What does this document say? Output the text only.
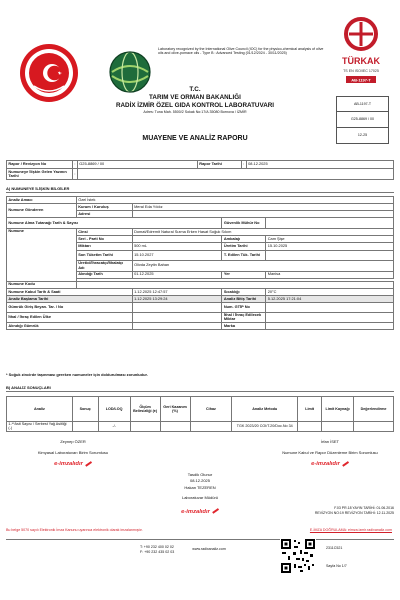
Laboratory recognized by the International Olive Council (IOC) for the physico-chemical analysis of olive oils and olive-pomace oils - Type B : Advanced Testing (01/12/2024 - 30/11/2025)
TÜRKAK
TS EN ISO/IEC 17025
AB-1197-T
AB-1197-T
G25-8869 / 00
12-25
T.C.
TARIM VE ORMAN BAKANLIĞI
RADİX İZMİR ÖZEL GIDA KONTROL LABORATUVARI
Adres: Tuna Mah. 5500/2 Sokak No:17/A 35080 Bornova / İZMİR
MUAYENE VE ANALİZ RAPORU
Rapor / Revizyon No	:	G25-8869 / 00	Rapor Tarihi	:	08.12.2025
Numuneye İlişkin Gelen Yazının Tarihi	:				
A) NUMUNEYE İLİŞKİN BİLGİLER
Analiz Amacı	Özel İstek			
Numune Gönderen	Kurum / Kuruluş	Meral Eda Yıldız		
	Adresi			
Numune Alma Tutanağı Tarih & Sayısı			Güvenlik Mühür No	
Numune	Cinsi	Domat/Edremit Natural Sızma Erken Hasat Soğuk Sıkım		
	Seri - Parti No		Ambalajı	Cam Şişe
	Miktarı	500 mL	Üretim Tarihi	15.10.2025
	Son Tüketim Tarihi	15.10.2027	T. Edilen Tük. Tarihi	
	Üretici/İhracatçı/İthalatçı Adı	Olivda Zeytin Bahan		
	Alındığı Tarih	01.12.2025	Yer	Manisa

Numune Kodu				
Numune Kabul Tarih & Saati		1.12.2025 12:47:57	Sıcaklığı	20°C
Analiz Başlama Tarihi		1.12.2025 13:29:24	Analiz Bitiş Tarihi	5.12.2025 17:21:04
Gümrük Giriş Beyan. Tar. / No			Num. GTİP No	
İthal / İhraç Edilen Ülke			İthal / İhraç Edilecek Miktar	
Alındığı Gümrük			Marka	
* Soğuk zincirde taşınması gereken numuneler için doldurulması zorunludur.
B) ANALİZ SONUÇLARI
Analiz	Sonuç	LOD/LOQ	Ölçüm Belirsizliği (±)	Geri Kazanım (%)	Cihaz	Analiz Metodu	Limit	Limit Kaynağı	Değerlendirme
1-**Asit Sayısı / Serbest Yağ Asitliği (-)		-/-				TGK 2023/20 COI/T.20/Doc.No 34			
Zeynep ÖZER
Kimyasal Laboratuvarı Birim Sorumlusu
e-imzalıdır
İrfan İSET
Numune Kabul ve Rapor Düzenleme Birim Sorumlusu
e-imzalıdır
Tasdik Olunur
08.12.2025
Hakan TEZEREN
Laboratuvar Müdürü
e-imzalıdır
F.03 PR.18 YAYIN TARİHİ: 01.06.2016
REVİZYON NO:19 REVİZYON TARİHİ: 12.11.2025
Bu belge 5070 sayılı Elektronik İmza Kanunu uyarınca elektronik olarak imzalanmıştır.	E-İMZA DOĞRULAMA: eimza.izmir.radixanaliz.com
T: +90 232 400 02 02
F: +90 232 435 02 03
www.radixanaliz.com	2311C521
Sayfa No 1/7
